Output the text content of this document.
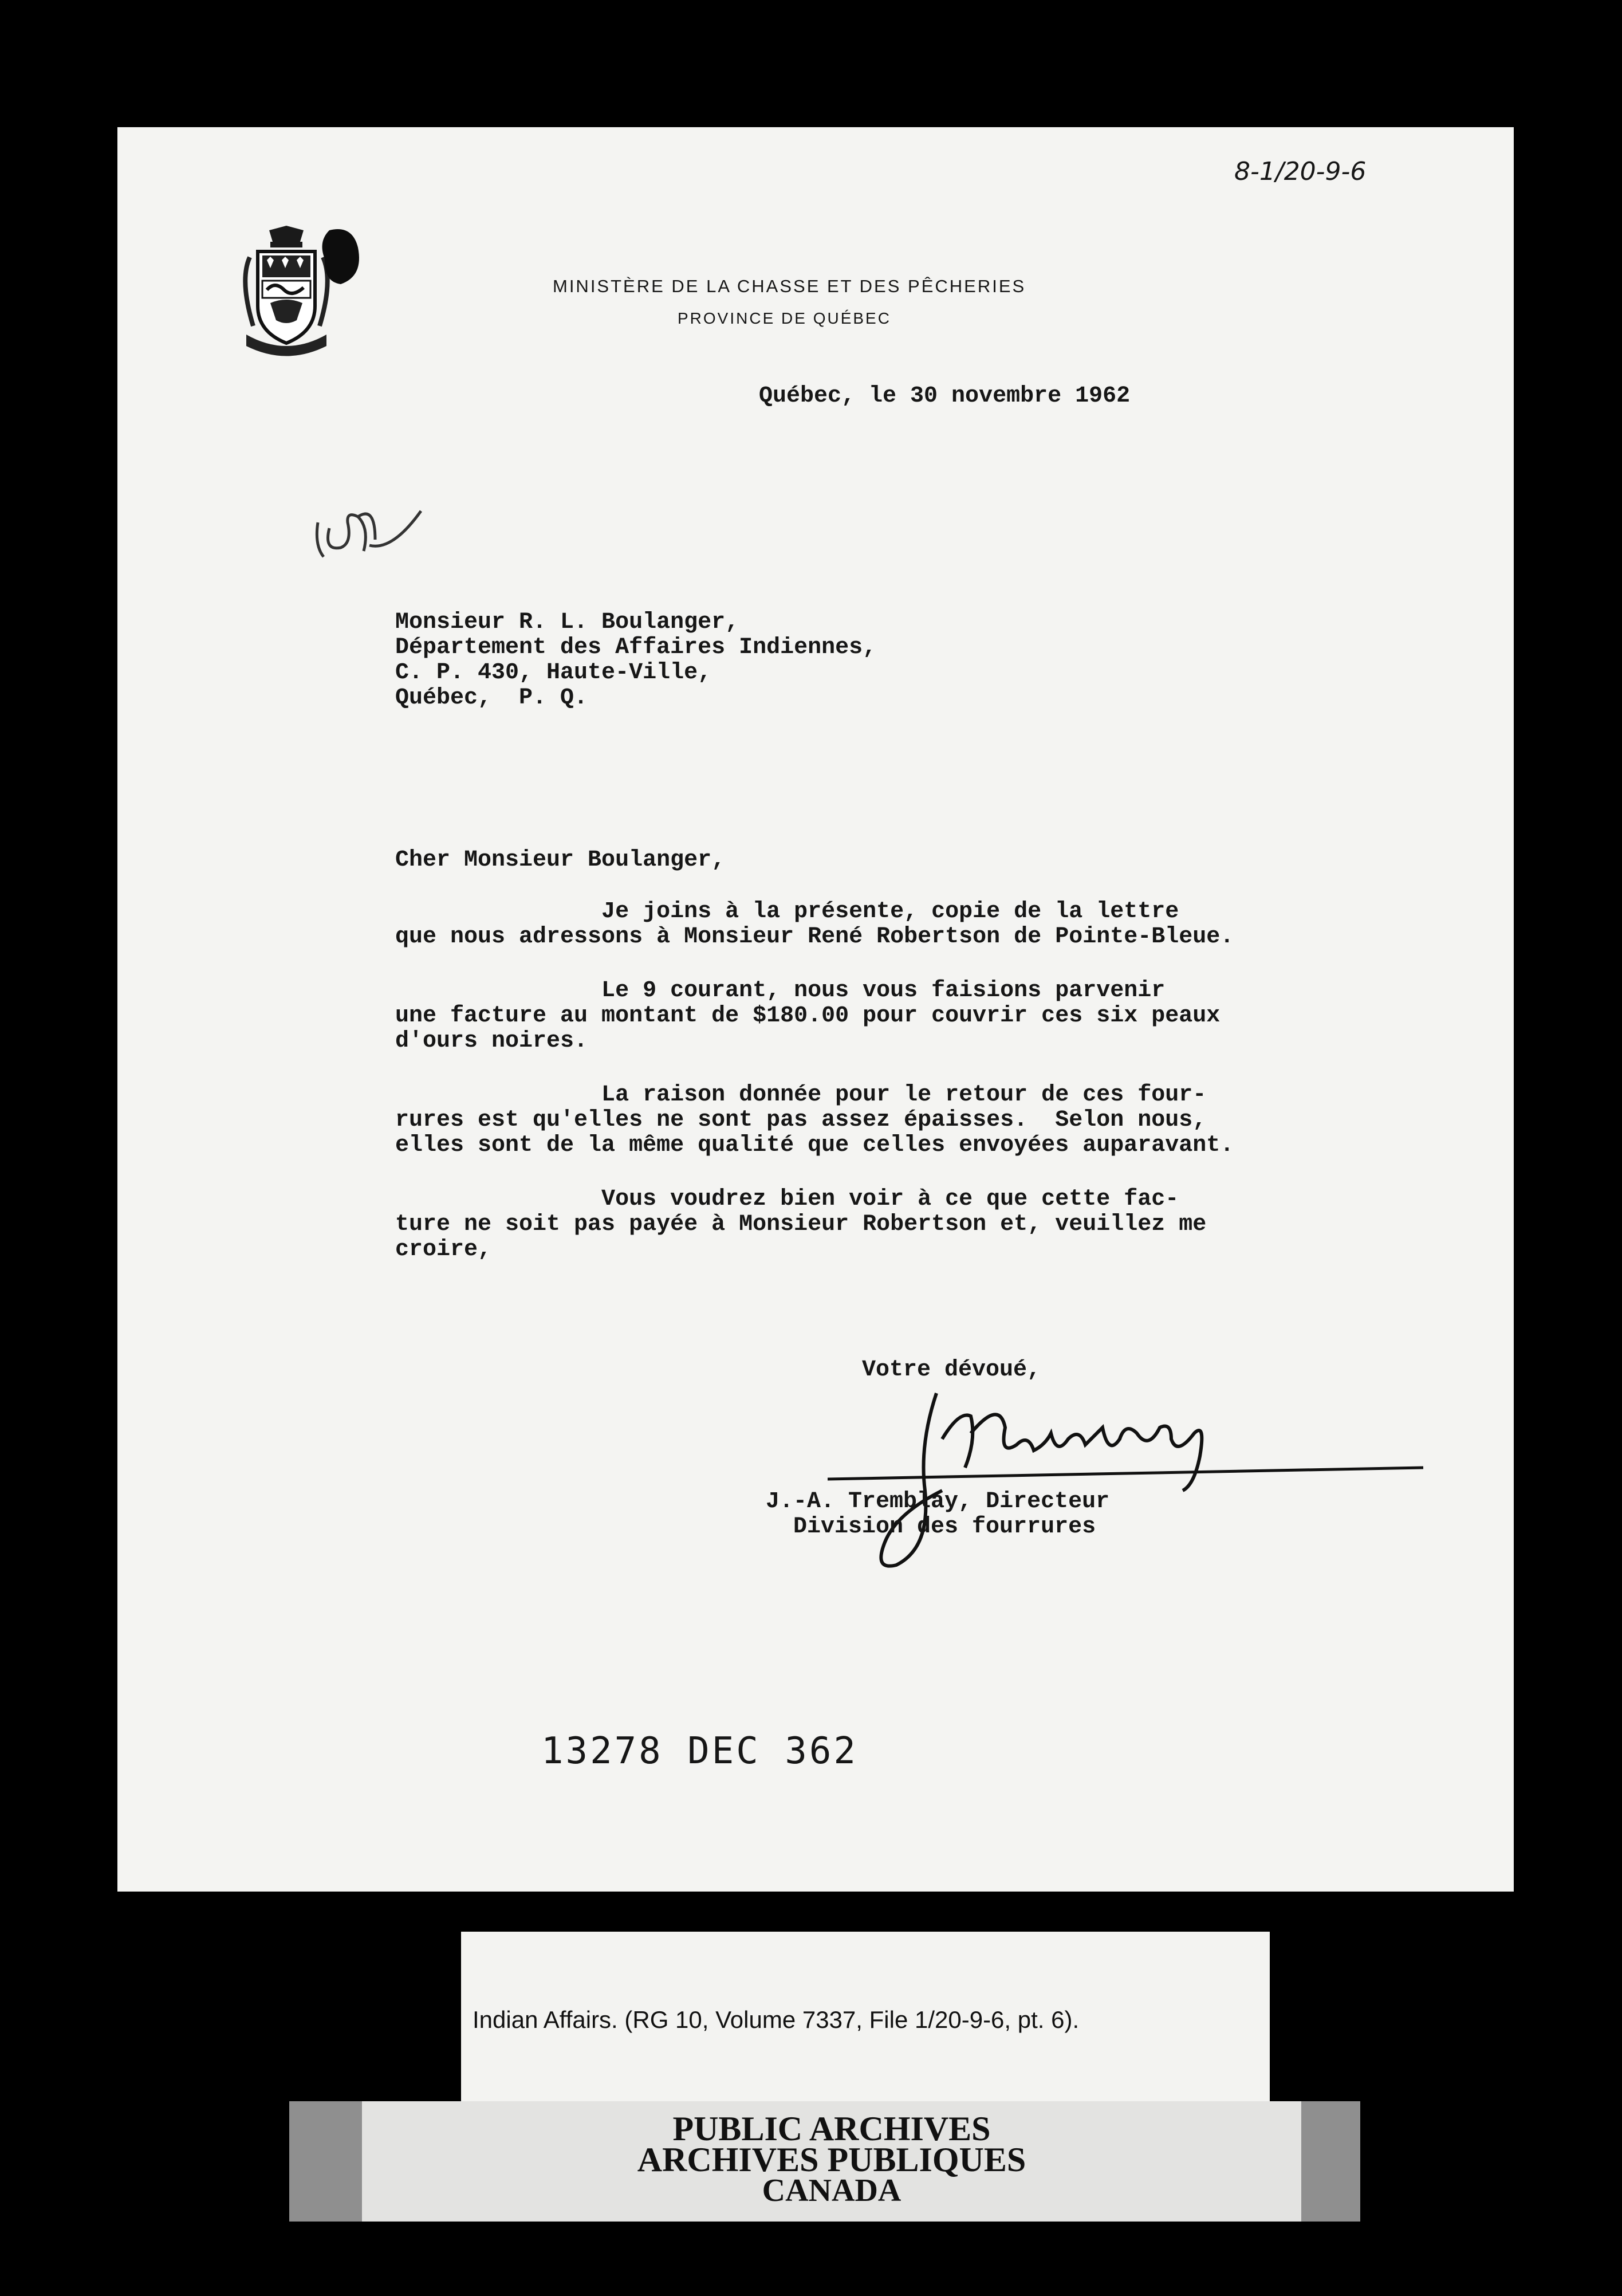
8-1/20-9-6
MINISTÈRE DE LA CHASSE ET DES PÊCHERIES
PROVINCE DE QUÉBEC
Québec, le 30 novembre 1962
Monsieur R. L. Boulanger,
Département des Affaires Indiennes,
C. P. 430, Haute-Ville,
Québec,  P. Q.
Cher Monsieur Boulanger,
Je joins à la présente, copie de la lettre
que nous adressons à Monsieur René Robertson de Pointe-Bleue.
Le 9 courant, nous vous faisions parvenir
une facture au montant de $180.00 pour couvrir ces six peaux
d'ours noires.
La raison donnée pour le retour de ces four-
rures est qu'elles ne sont pas assez épaisses.  Selon nous,
elles sont de la même qualité que celles envoyées auparavant.
Vous voudrez bien voir à ce que cette fac-
ture ne soit pas payée à Monsieur Robertson et, veuillez me
croire,
Votre dévoué,
J.-A. Tremblay, Directeur
Division des fourrures
13278 DEC 362
Indian Affairs. (RG 10, Volume 7337, File 1/20-9-6, pt. 6).
PUBLIC ARCHIVES
ARCHIVES PUBLIQUES
CANADA
